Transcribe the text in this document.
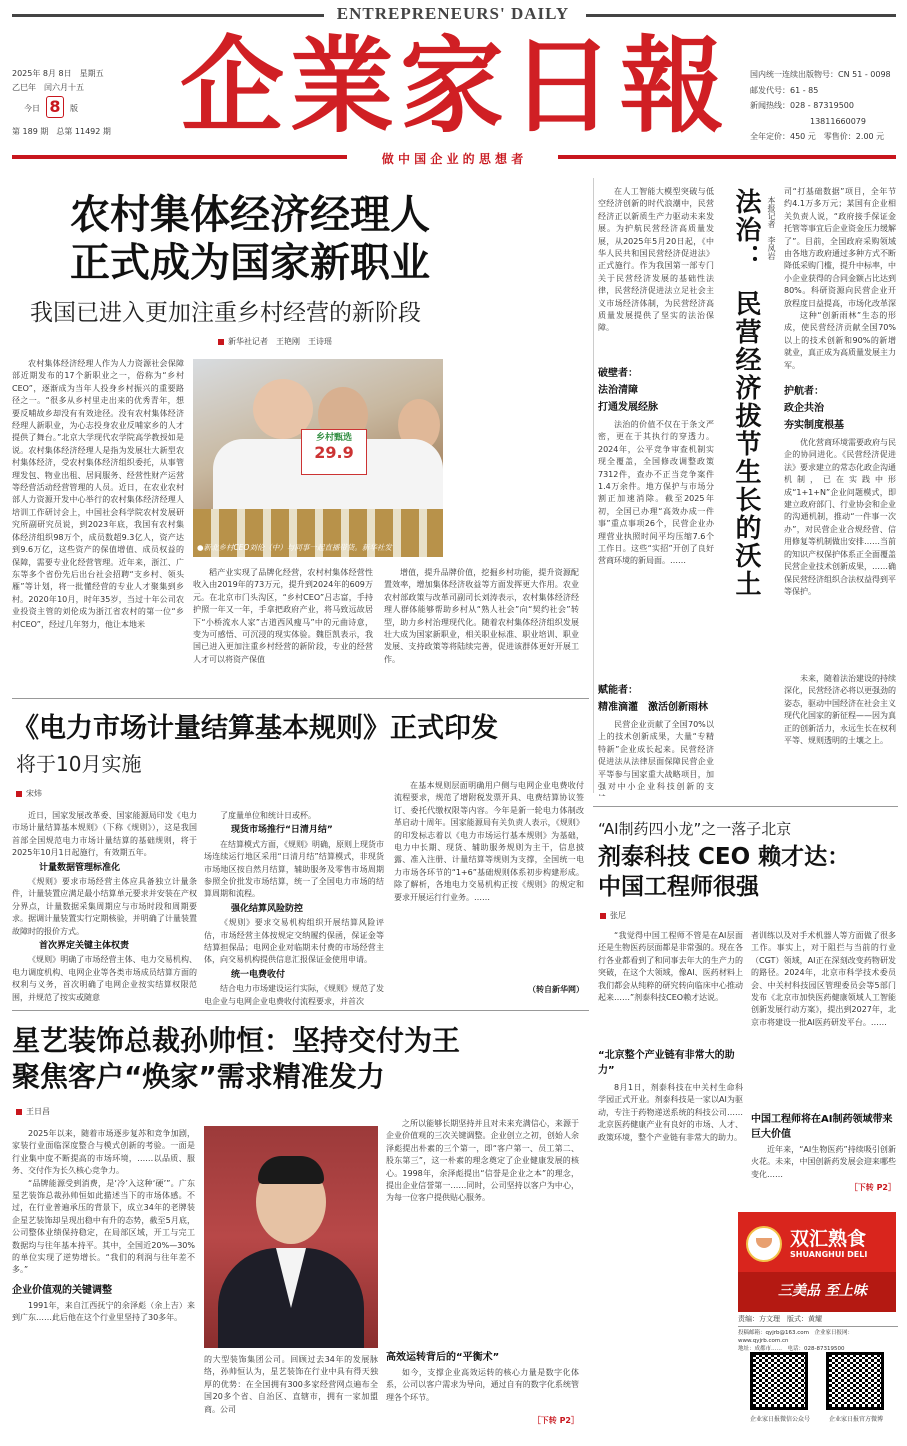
ENTREPRENEURS' DAILY
企業家日報
2025年 8月 8日　星期五
乙巳年　闰六月十五
今日 8	版
第 189 期　总第 11492 期
国内统一连续出版物号：CN 51 - 0098
邮发代号：61 - 85
新闻热线：028 - 87319500
13811660079
全年定价：450 元　零售价：2.00 元
做 中 国 企 业 的 思 想 者
农村集体经济经理人
正式成为国家新职业
我国已进入更加注重乡村经营的新阶段
新华社记者　王艳刚　王诗瑶
农村集体经济经理人作为人力资源社会保障部近期发布的17个新职业之一，俗称为“乡村CEO”，逐渐成为当年人投身乡村振兴的重要路径之一。“很多从乡村里走出来的优秀青年，想要反哺故乡却没有有效途径。没有农村集体经济经理人新职业，为心志投身农业反哺家乡的人才提供了舞台。”北京大学现代农学院高学教授如是说。农村集体经济经理人是指为发展壮大新型农村集体经济，受农村集体经济组织委托，从事管理发包、物业出租、居间服务、经营性财产运营等经营活动经营管理的人员。近日，在农业农村部人力资源开发中心举行的农村集体经济经理人培训工作研讨会上，中国社会科学院农村发展研究所副研究员说，到2023年底，我国有农村集体经济组织98万个，成员数超9.3亿人，资产达到9.6万亿，这些资产的保值增值、成员权益的保障，需要专业化经营管理。近年来，浙江、广东等多个省份先后出台社会招聘“支乡村、领头雁”等计划，将一批懂经营的专业人才聚集到乡村。2020年10月，时年35岁，当过十年公司农业投资主管的刘伦成为浙江省农村的第一位“乡村CEO”，经过几年努力，他让本地米
乡村甄选
29.9
●新北乡村CEO刘伦（中）与同事一起直播带货。新华社发
稻产业实现了品牌化经营，农村村集体经营性收入由2019年的73万元，提升到2024年的609万元。在北京市门头沟区，“乡村CEO”吕志富，手持护照一年又一年，手拿把政府产业，将马致远故居下“小桥流水人家”古道西风瘦马”中的元曲诗意，变为可感悟、可沉浸的现实体验。魏臣凯表示，我国已进入更加注重乡村经营的新阶段，专业的经营人才可以将资产保值
增值，提升品牌价值，挖掘乡村功能，提升资源配置效率，增加集体经济收益等方面发挥更大作用。农业农村部政策与改革司副司长刘涛表示，农村集体经济经理人群体能够帮助乡村从“熟人社会”向“契约社会”转型，助力乡村治理现代化。随着农村集体经济组织发展壮大成为国家新职业，相关职业标准、职业培训、职业发展、支持政策等将陆续完善，促进该群体更好开展工作。
《电力市场计量结算基本规则》正式印发
将于10月实施
宋炜
近日，国家发展改革委、国家能源局印发《电力市场计量结算基本规则》（下称《规则》），这是我国首部全国规范电力市场计量结算的基础规则，将于2025年10月1日起施行，有效期五年。
计量数据管理标准化
《规则》要求市场经营主体应具备独立计量条件，计量装置应满足最小结算单元要求并安装在产权分界点，计量数据采集周期应与市场时段和周期要求。据调计量装置实行定期核验，并明确了计量装置故障时的报价方式。
首次界定关键主体权责
《规则》明确了市场经营主体、电力交易机构、电力调度机构、电网企业等各类市场成员结算方面的权利与义务，首次明确了电网企业按实结算权限范围，并规范了按实或随意
了度量单位和统计日或杯。
现货市场推行“日清月结”
在结算模式方面，《规则》明确，原则上现货市场连续运行地区采用“日清月结”结算模式，非现货市场地区按自然月结算，辅助服务及零售市场周期参照全价批发市场结算，统一了全国电力市场的结算周期和流程。
强化结算风险防控
《规则》要求交易机构组织开展结算风险评估，市场经营主体按规定交纳履约保函，保证金等结算担保品；电网企业对临期未付费的市场经营主体，向交易机构提供信息汇报保证金使用申请。
统一电费收付
结合电力市场建设运行实际，《规则》规范了发电企业与电网企业电费收付流程要求，并首次
在基本规则层面明确用户侧与电网企业电费收付流程要求，规范了增附税发票开具、电费结算协议签订、委托代缴权限等内容。今年是新一轮电力体制改革启动十周年。国家能源局有关负责人表示，《规则》的印发标志着以《电力市场运行基本规则》为基础，电力中长期、现货、辅助服务规则为主干，信息披露、准入注册、计量结算等规则为支撑，全国统一电力市场各环节的“1+6”基础规则体系初步构建形成。除了解析，各地电力交易机构正按《规则》的规定和要求开展运行行业务。……
（转自新华网）
星艺装饰总裁孙帅恒：坚持交付为王
聚焦客户“焕家”需求精准发力
王日昌
2025年以来，随着市场逐步复苏和竞争加剧，家装行业面临深度整合与模式创新的考验。一面是行业集中度不断提高的市场环境，……以品质、服务、交付作为长久核心竞争力。
“品牌能源受到消费，是‘冷’入这种‘硬’”。广东星艺装饰总裁孙帅恒如此描述当下的市场体感。不过，在行业普遍承压的背景下，成立34年的老牌装企星艺装饰却呈现出稳中有升的态势，截至5月底，公司整体业绩保持稳定，在局部区域，开工与完工数据均与往年基本持平。其中，全国近20%—30%的单位实现了逆势增长。“我们的利润与往年差不多。”
企业价值观的关键调整
1991年，来自江西抚宁的余泽彪（余上吉）来到广东……此后他在这个行业里坚持了30多年。
的大型装饰集团公司。回顾过去34年的发展脉络，孙帅恒认为，星艺装饰在行业中具有得天独厚的优势：在全国拥有300多家经营网点遍布全国20多个省、自治区、直辖市，拥有一家加盟商。公司
之所以能够长期坚持并且对未来充满信心，来源于企业价值观的三次关键调整。企业创立之初，创始人余泽彪提出朴素的三个第一，即“客户第一、员工第二、股东第三”，这一朴素的理念奠定了企业健康发展的核心。1998年，余泽彪提出“信誉是企业之本”的理念，提出企业信誉第一……同时，公司坚持以客户为中心，为每一位客户提供贴心服务。
高效运转背后的“平衡术”
如今，支撑企业高效运转的核心力量是数字化体系，公司以客户需求为导向，通过自有的数字化系统管理各个环节。
［下转 P2］
在人工智能大模型突破与低空经济创新的时代浪潮中，民营经济正以新质生产力驱动未来发展。为护航民营经济高质量发展，从2025年5月20日起，《中华人民共和国民营经济促进法》正式施行。作为我国第一部专门关于民营经济发展的基础性法律，民营经济促进法立足社会主义市场经济体制，为民营经济高质量发展提供了坚实的法治保障。
破壁者：
法治清障
打通发展经脉
法治的价值不仅在于条文严密，更在于其执行的穿透力。2024年，公平竞争审查机制实现全覆盖，全国修改调整政策7312件，查办不正当竞争案件1.4万余件。地方保护与市场分割正加速消除。截至2025年初，全国已办理“高效办成一件事”重点事项26个，民营企业办理营业执照时间平均压缩7.6个工作日。这些“实招”开创了良好营商环境的新局面。……
赋能者：
精准滴灌　激活创新雨林
民营企业贡献了全国70%以上的技术创新成果，大量“专精特新”企业成长起来。民营经济促进法从法律层面保障民营企业平等参与国家重大战略项目，加强对中小企业科技创新的支
法治：
民营经济拔节生长的沃土
本报记者　李凤岩
司“打基础数据”项目，全年节约4.1万多万元；某国有企业相关负责人说，“政府接手保证金托管等事宜后企业资金压力缓解了”。目前，全国政府采购领域由各地方政府通过多种方式不断降低采购门槛，提升中标率，中小企业获得的合同金额占比达到80%。科研资源向民营企业开放程度日益提高，市场化改革深
这种“创新雨林”生态的形成，使民营经济贡献全国70%以上的技术创新和90%的新增就业，真正成为高质量发展主力军。
护航者：
政企共治
夯实制度根基
优化营商环境需要政府与民企的协同进化。《民营经济促进法》要求建立的常态化政企沟通机制，已在实践中形成“1+1+N”企业问题模式，即建立政府部门、行业协会和企业的沟通机制，推动“一件事一次办”，对民营企业合规经营、信用修复等机制做出安排……当前的知识产权保护体系正全面覆盖民营企业技术创新成果，……确保民营经济组织合法权益得到平等保护。
未来，随着法治建设的持续深化，民营经济必将以更强劲的姿态，驱动中国经济在社会主义现代化国家的新征程——因为真正的创新活力，永远生长在权利平等、规则透明的土壤之上。
“AI制药四小龙”之一落子北京
剂泰科技 CEO 赖才达：
中国工程师很强
张尼
“我觉得中国工程师不管是在AI层面还是生物医药层面都是非常强的。现在各行各业都看到了和同事去年大的生产力的突破，在这个大领域，像AI、医药材料上我们都会从纯粹的研究转向临床中心推动起来……”剂泰科技CEO赖才达说。
“北京整个产业链有非常大的助力”
8月1日，剂泰科技在中关村生命科学园正式开业。剂泰科技是一家以AI为驱动，专注于药物递送系统的科技公司……北京医药健康产业有良好的市场、人才、政策环境，整个产业链有非常大的助力。
者训练以及对手术机器人等方面做了很多工作。事实上，对于阻拦与当前的行业（CGT）领域，AI正在深刻改变药物研发的路径。2024年，北京市科学技术委员会、中关村科技园区管理委员会等5部门发布《北京市加快医药健康领域人工智能创新发展行动方案》，提出到2027年，北京市将建设一批AI医药研发平台。……
中国工程师将在AI制药领域带来巨大价值
近年来，“AI生物医药”持续吸引创新火花。未来，中国创新药发展会迎来哪些变化……
［下转 P2］
双汇熟食
SHUANGHUI DELI
三美品 至上味
责编：方文理　版式：黄耀
投稿邮箱：qyjrb@163.com　企业家日报网：www.qyjrb.com.cn
地址：成都市……　电话：028-87319500
企业家日报微信公众号	企业家日报官方微博
